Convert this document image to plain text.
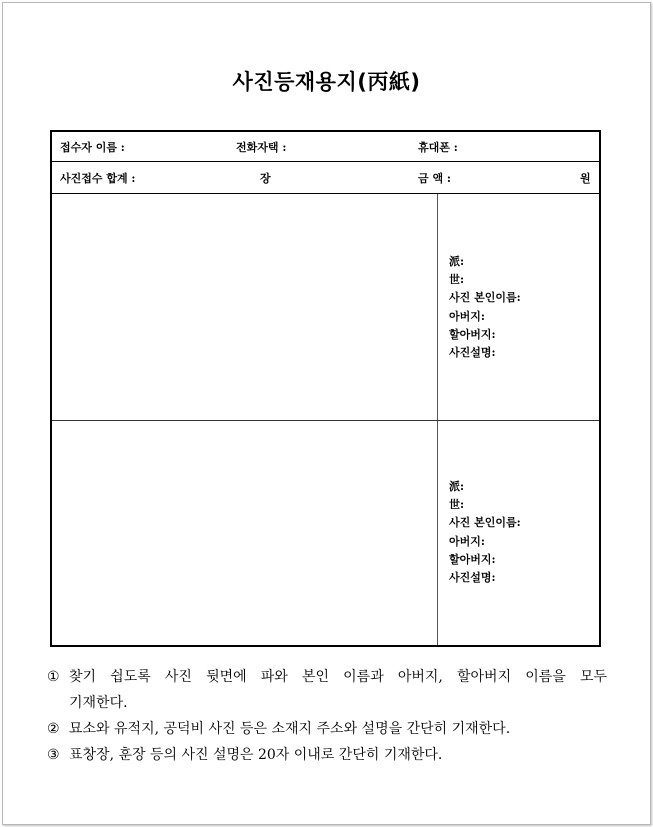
사진등재용지(丙紙)
접수자 이름 :	전화자택 :	휴대폰 :
사진접수 합계 :	장	금 액 :	원
派:
世:
사진 본인이름:
아버지:
할아버지:
사진설명:
派:
世:
사진 본인이름:
아버지:
할아버지:
사진설명:
① 찾기 쉽도록 사진 뒷면에 파와 본인 이름과 아버지, 할아버지 이름을 모두
기재한다.
② 묘소와 유적지, 공덕비 사진 등은 소재지 주소와 설명을 간단히 기재한다.
③ 표창장, 훈장 등의 사진 설명은 20자 이내로 간단히 기재한다.
